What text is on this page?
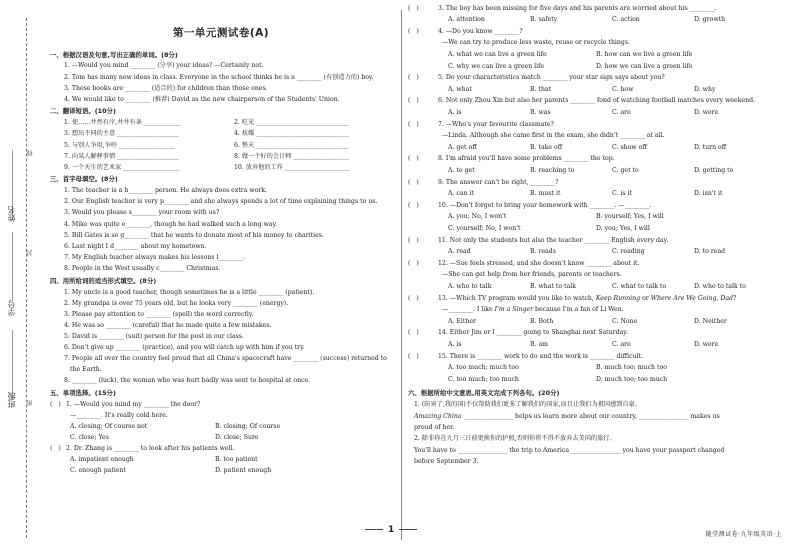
线
姓名
封
学号
班级 密
第一单元测试卷(A)
一、根据汉语及句意,写出正确的单词。(8分)
1. —Would you mind ________ (分享) your ideas? —Certainly not.
2. Tom has many new ideas in class. Everyone in the school thinks he is a ________ (有创造力的) boy.
3. These books are ________ (适合的) for children than those ones.
4. We would like to ________ (推荐) David as the new chairperson of the Students' Union.
二、翻译短语。(10分)
1. 使……井然有序,井井有条 ____________	2. 吃光 ______________________________
3. 想出不同的主意 ____________________	4. 炫耀 ______________________________
5. 与别人争用,争吵 __________________	6. 整天 ______________________________
7. 向某人解释事情 ____________________	8. 做一个好的会计师 __________________
9. 一个天生的艺术家 __________________	10. 放弃他的工作 _____________________
三、首字母填空。(8分)
1. The teacher is a h________ person. He always does extra work.
2. Our English teacher is very p________ and she always spends a lot of time explaining things to us.
3. Would you please s________ your room with us?
4. Mike was quite e________, though he had walked such a long way.
5. Bill Gates is so g________ that he wants to donate most of his money to charities.
6. Last night I d________ about my hometown.
7. My English teacher always makes his lessons l________.
8. People in the West usually c________ Christmas.
四、用所给词的适当形式填空。(8分)
1. My uncle is a good teacher, though sometimes he is a little ________ (patient).
2. My grandpa is over 75 years old, but he looks very ________ (energy).
3. Please pay attention to ________ (spell) the word correctly.
4. He was so ________ (careful) that he made quite a few mistakes.
5. David is ________ (suit) person for the post in our class.
6. Don't give up ________ (practice), and you will catch up with him if you try.
7. People all over the country feel proud that all China's spacecraft have ________ (success) returned to
the Earth.
8. ________ (luck), the woman who was hurt badly was sent to hospital at once.
五、单项选择。(15分)
(   ) 1. —Would you mind my ________ the door?
—________. It's really cold here.
A. closing; Of course not	B. closing; Of course
C. close; Yes	D. close; Sure
(   ) 2. Dr. Zhang is ________ to look after his patients well.
A. impatient enough	B. too patient
C. enough patient	D. patient enough
(   )	3. The boy has been missing for five days and his parents are worried about his ________.
A. attention	B. safety	C. action	D. growth
(   )	4. —Do you know ________?
—We can try to produce less waste, reuse or recycle things.
A. what we can live a green life	B. how can we live a green life
C. why we can live a green life	D. how we can live a green life
(   )	5. Do your characteristics match ________ your star sign says about you?
A. what	B. that	C. how	D. why
(   )	6. Not only Zhou Xin but also her parents ________ fond of watching football matches every weekend.
A. is	B. was	C. are	D. were
(   )	7. —Who's your favourite classmate?
—Linda. Although she came first in the exam, she didn't ________ at all.
A. get off	B. take off	C. show off	D. turn off
(   )	8. I'm afraid you'll have some problems ________ the top.
A. to get	B. reaching to	C. get to	D. getting to
(   )	9. The answer can't be right, ________?
A. can it	B. must it	C. is it	D. isn't it
(   )	10. —Don't forget to bring your homework with ________. —________.
A. you; No, I won't	B. yourself; Yes, I will
C. yourself; No, I won't	D. you; Yes, I will
(   )	11. Not only the students but also the teacher ________ English every day.
A. read	B. reads	C. reading	D. to read
(   )	12. —Sue feels stressed, and she doesn't know ________ about it.
—She can get help from her friends, parents or teachers.
A. who to talk	B. what to talk	C. what to talk to	D. who to talk to
(   )	13. —Which TV program would you like to watch,
Keep Running
or
Where Are We Going, Dad ?
—________. I like
I'm a Singer
because I'm a fan of Li Wen.
A. Either	B. Both	C. None	D. Neither
(   )	14. Either Jim or I ________ going to Shanghai next Saturday.
A. is	B. am	C. are	D. were
(   )	15. There is ________ work to do and the work is ________ difficult.
A. too much; much too	B. much too; much too
C. too much; too much	D. much too; too much
六、根据所给中文意思,用英文完成下列各句。(20分)
1. (防害了,我的国)不仅帮助我们更多了解我们的国家,而且让我们为祖国感到自豪。
Amazing China
________________ helps us learn more about our country, ________________ makes us
proud of her.
2. 除非你在九月三日前更换你的护照,否则你将不得不放弃去美国的旅行。
You'll have to ________________ the trip to America ________________ you have your passport changed
before September 3.
1	随堂测试卷·九年级英语·上
